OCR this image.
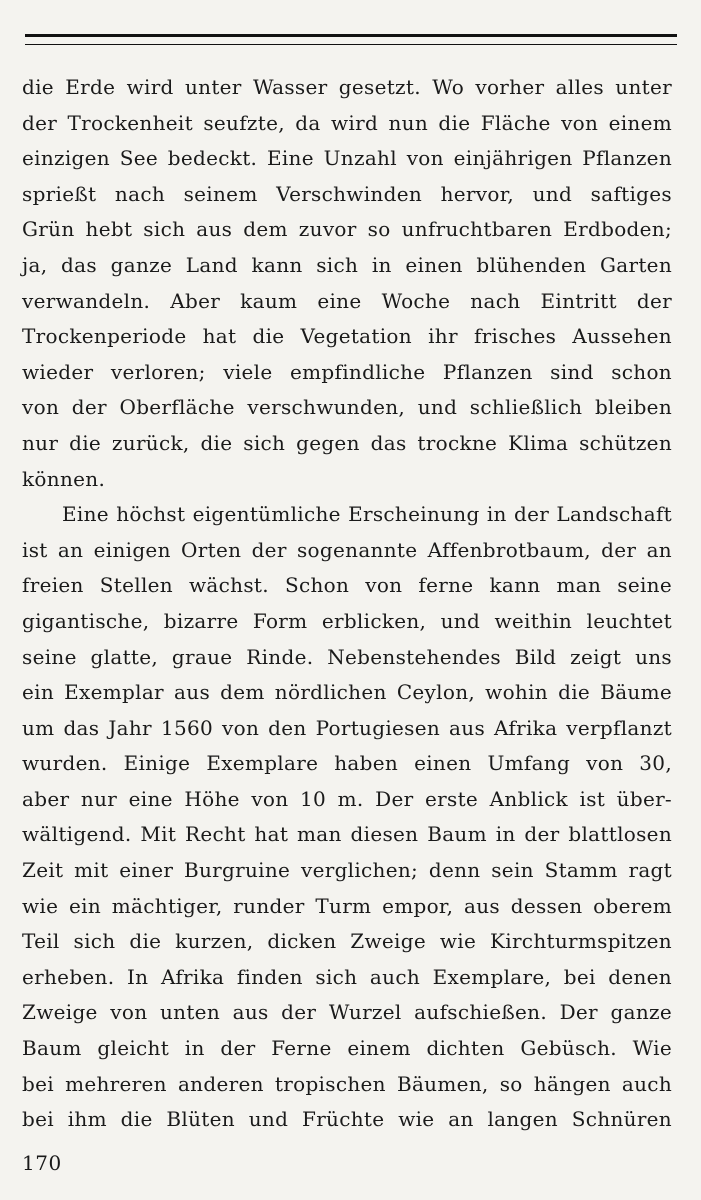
die Erde wird unter Wasser gesetzt. Wo vorher alles unter
der Trockenheit seufzte, da wird nun die Fläche von einem
einzigen See bedeckt. Eine Unzahl von einjährigen Pflanzen
sprießt nach seinem Verschwinden hervor, und saftiges
Grün hebt sich aus dem zuvor so unfruchtbaren Erdboden;
ja, das ganze Land kann sich in einen blühenden Garten
verwandeln. Aber kaum eine Woche nach Eintritt der
Trockenperiode hat die Vegetation ihr frisches Aussehen
wieder verloren; viele empfindliche Pflanzen sind schon
von der Oberfläche verschwunden, und schließlich bleiben
nur die zurück, die sich gegen das trockne Klima schützen
können.
Eine höchst eigentümliche Erscheinung in der Landschaft
ist an einigen Orten der sogenannte Affenbrotbaum, der an
freien Stellen wächst. Schon von ferne kann man seine
gigantische, bizarre Form erblicken, und weithin leuchtet
seine glatte, graue Rinde. Nebenstehendes Bild zeigt uns
ein Exemplar aus dem nördlichen Ceylon, wohin die Bäume
um das Jahr 1560 von den Portugiesen aus Afrika verpflanzt
wurden. Einige Exemplare haben einen Umfang von 30,
aber nur eine Höhe von 10 m. Der erste Anblick ist über-
wältigend. Mit Recht hat man diesen Baum in der blattlosen
Zeit mit einer Burgruine verglichen; denn sein Stamm ragt
wie ein mächtiger, runder Turm empor, aus dessen oberem
Teil sich die kurzen, dicken Zweige wie Kirchturmspitzen
erheben. In Afrika finden sich auch Exemplare, bei denen
Zweige von unten aus der Wurzel aufschießen. Der ganze
Baum gleicht in der Ferne einem dichten Gebüsch. Wie
bei mehreren anderen tropischen Bäumen, so hängen auch
bei ihm die Blüten und Früchte wie an langen Schnüren
170
